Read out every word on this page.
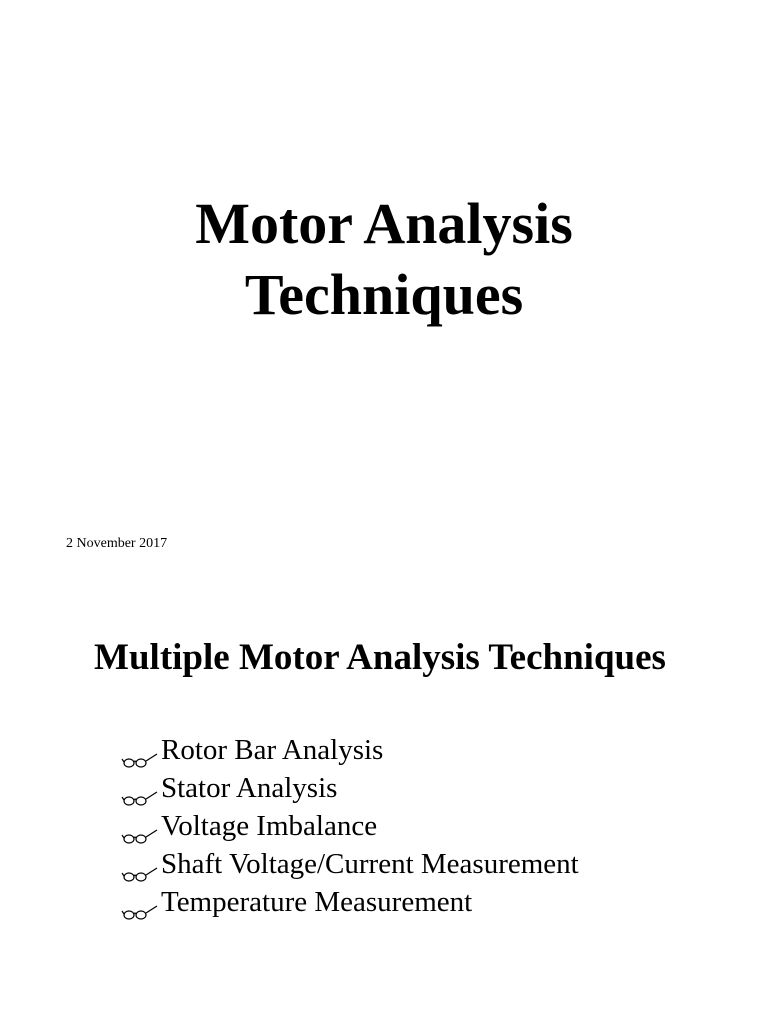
Motor Analysis
Techniques
2 November 2017
Multiple Motor Analysis Techniques
Rotor Bar Analysis
Stator Analysis
Voltage Imbalance
Shaft Voltage/Current Measurement
Temperature Measurement
